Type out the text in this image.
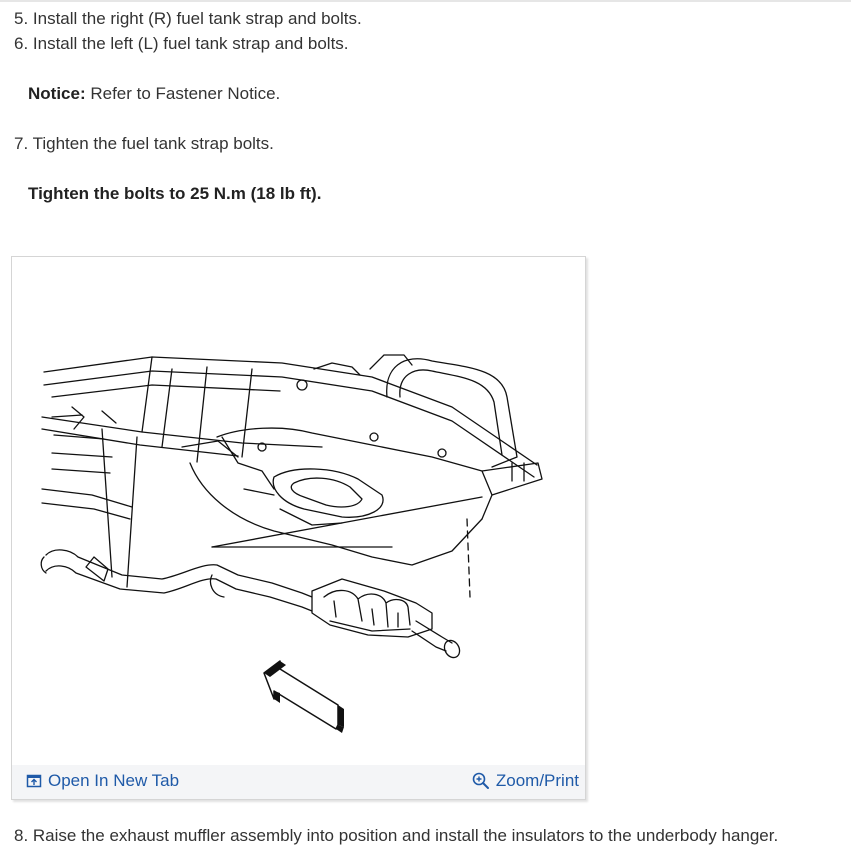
5. Install the right (R) fuel tank strap and bolts.
6. Install the left (L) fuel tank strap and bolts.
Notice: Refer to Fastener Notice.
7. Tighten the fuel tank strap bolts.
Tighten the bolts to 25 N.m (18 lb ft).
Open In New Tab	Zoom/Print
8. Raise the exhaust muffler assembly into position and install the insulators to the underbody hanger.
